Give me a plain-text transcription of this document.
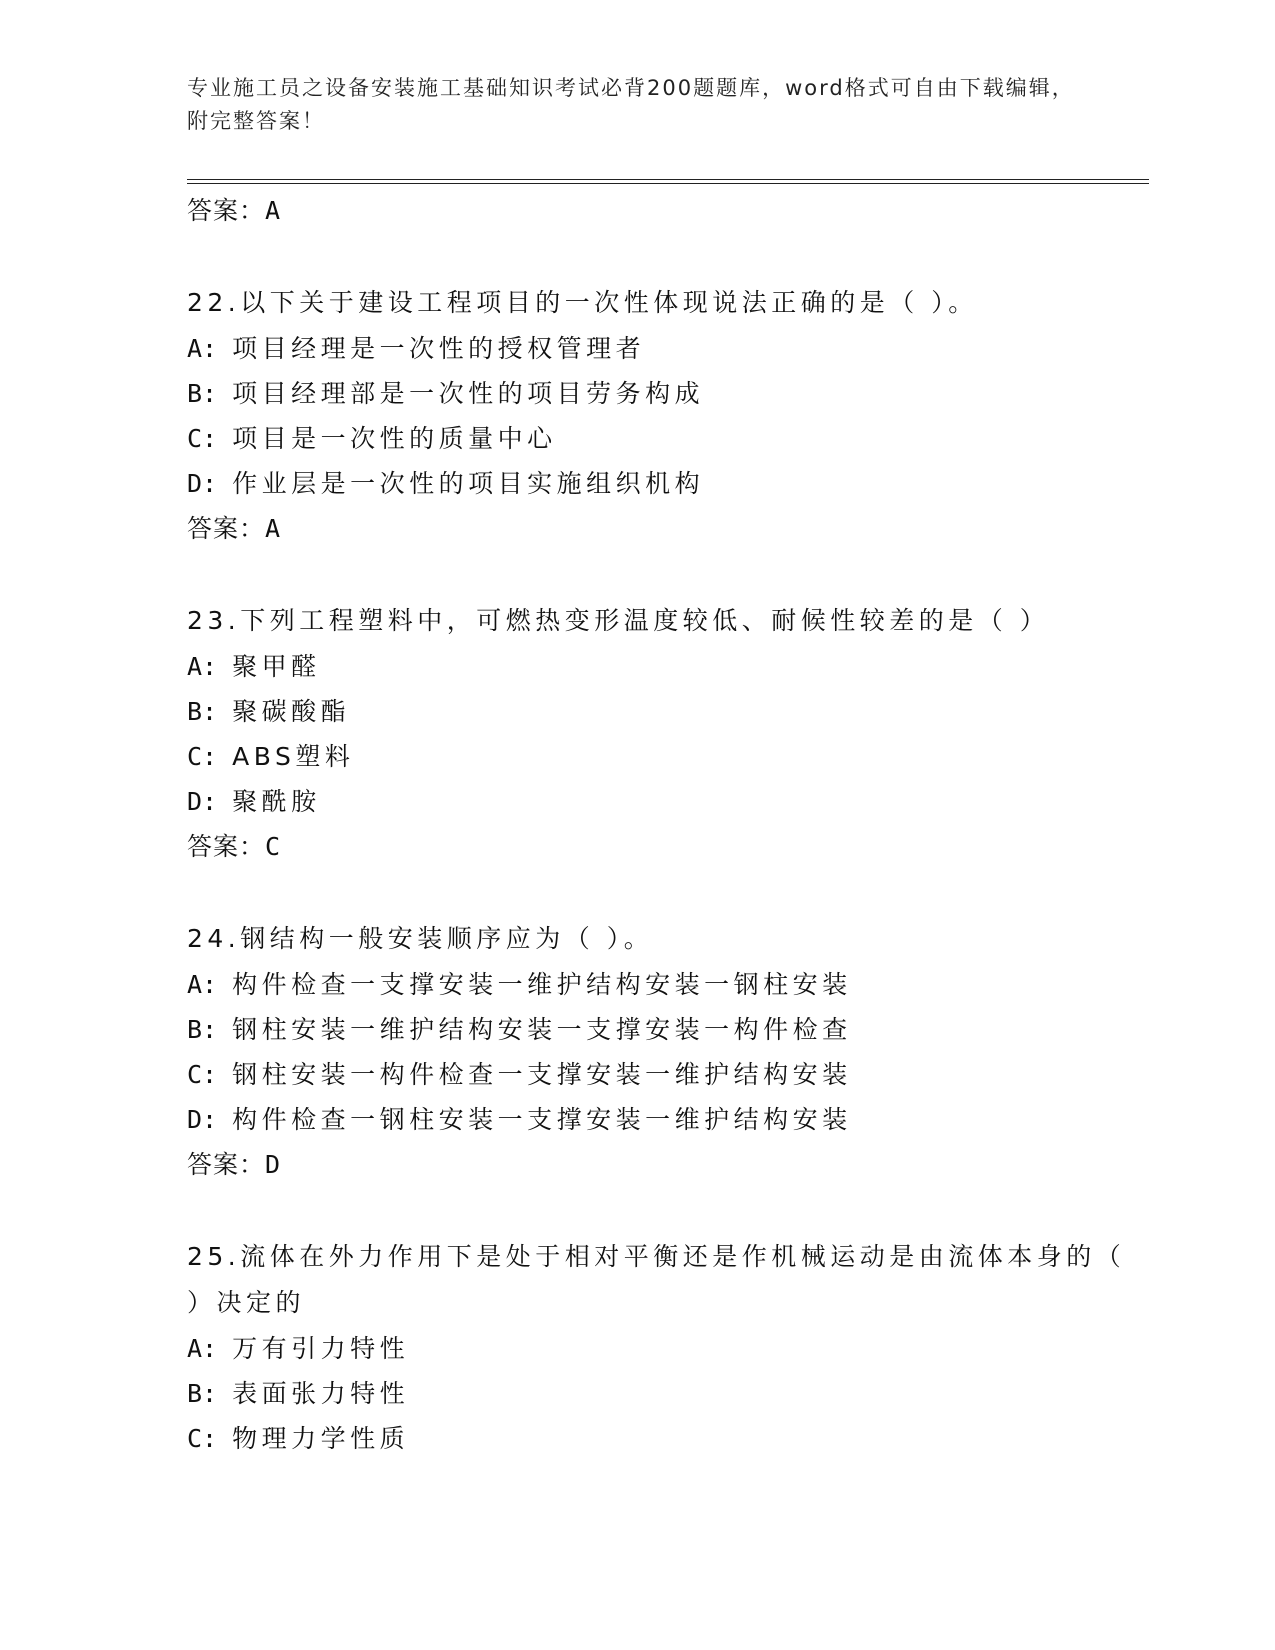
专业施工员之设备安装施工基础知识考试必背200题题库，word格式可自由下载编辑，附完整答案！
答案：A
22.以下关于建设工程项目的一次性体现说法正确的是（ ）。
A: 项目经理是一次性的授权管理者
B: 项目经理部是一次性的项目劳务构成
C: 项目是一次性的质量中心
D: 作业层是一次性的项目实施组织机构
答案：A
23.下列工程塑料中，可燃热变形温度较低、耐候性较差的是（ ）
A: 聚甲醛
B: 聚碳酸酯
C: ABS塑料
D: 聚酰胺
答案：C
24.钢结构一般安装顺序应为（ ）。
A: 构件检查一支撑安装一维护结构安装一钢柱安装
B: 钢柱安装一维护结构安装一支撑安装一构件检查
C: 钢柱安装一构件检查一支撑安装一维护结构安装
D: 构件检查一钢柱安装一支撑安装一维护结构安装
答案：D
25.流体在外力作用下是处于相对平衡还是作机械运动是由流体本身的（ ）决定的
A: 万有引力特性
B: 表面张力特性
C: 物理力学性质
